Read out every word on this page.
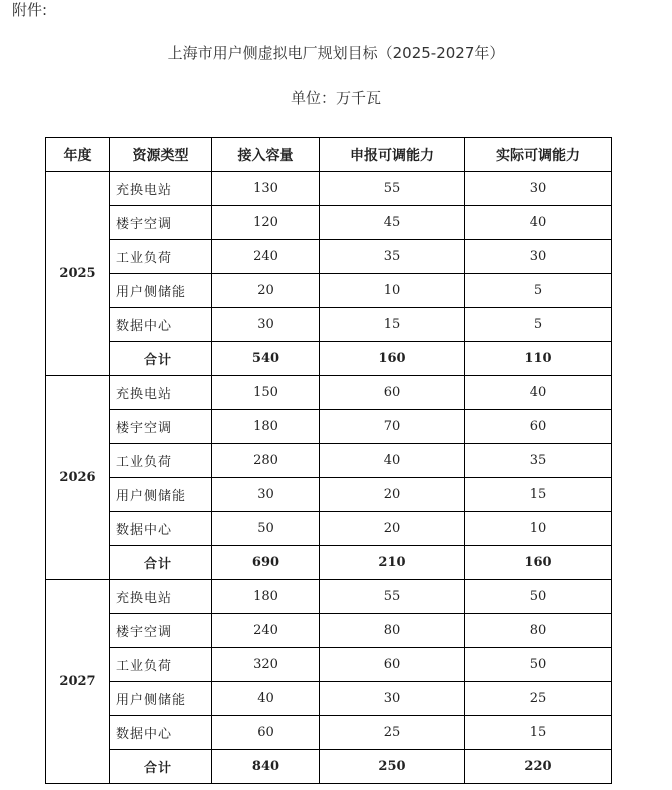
附件:
上海市用户侧虚拟电厂规划目标（2025-2027年）
单位：万千瓦
年度	资源类型	接入容量	申报可调能力	实际可调能力
2025	充换电站	130	55	30
	楼宇空调	120	45	40
	工业负荷	240	35	30
	用户侧储能	20	10	5
	数据中心	30	15	5
	合计	540	160	110
2026	充换电站	150	60	40
	楼宇空调	180	70	60
	工业负荷	280	40	35
	用户侧储能	30	20	15
	数据中心	50	20	10
	合计	690	210	160
2027	充换电站	180	55	50
	楼宇空调	240	80	80
	工业负荷	320	60	50
	用户侧储能	40	30	25
	数据中心	60	25	15
	合计	840	250	220
